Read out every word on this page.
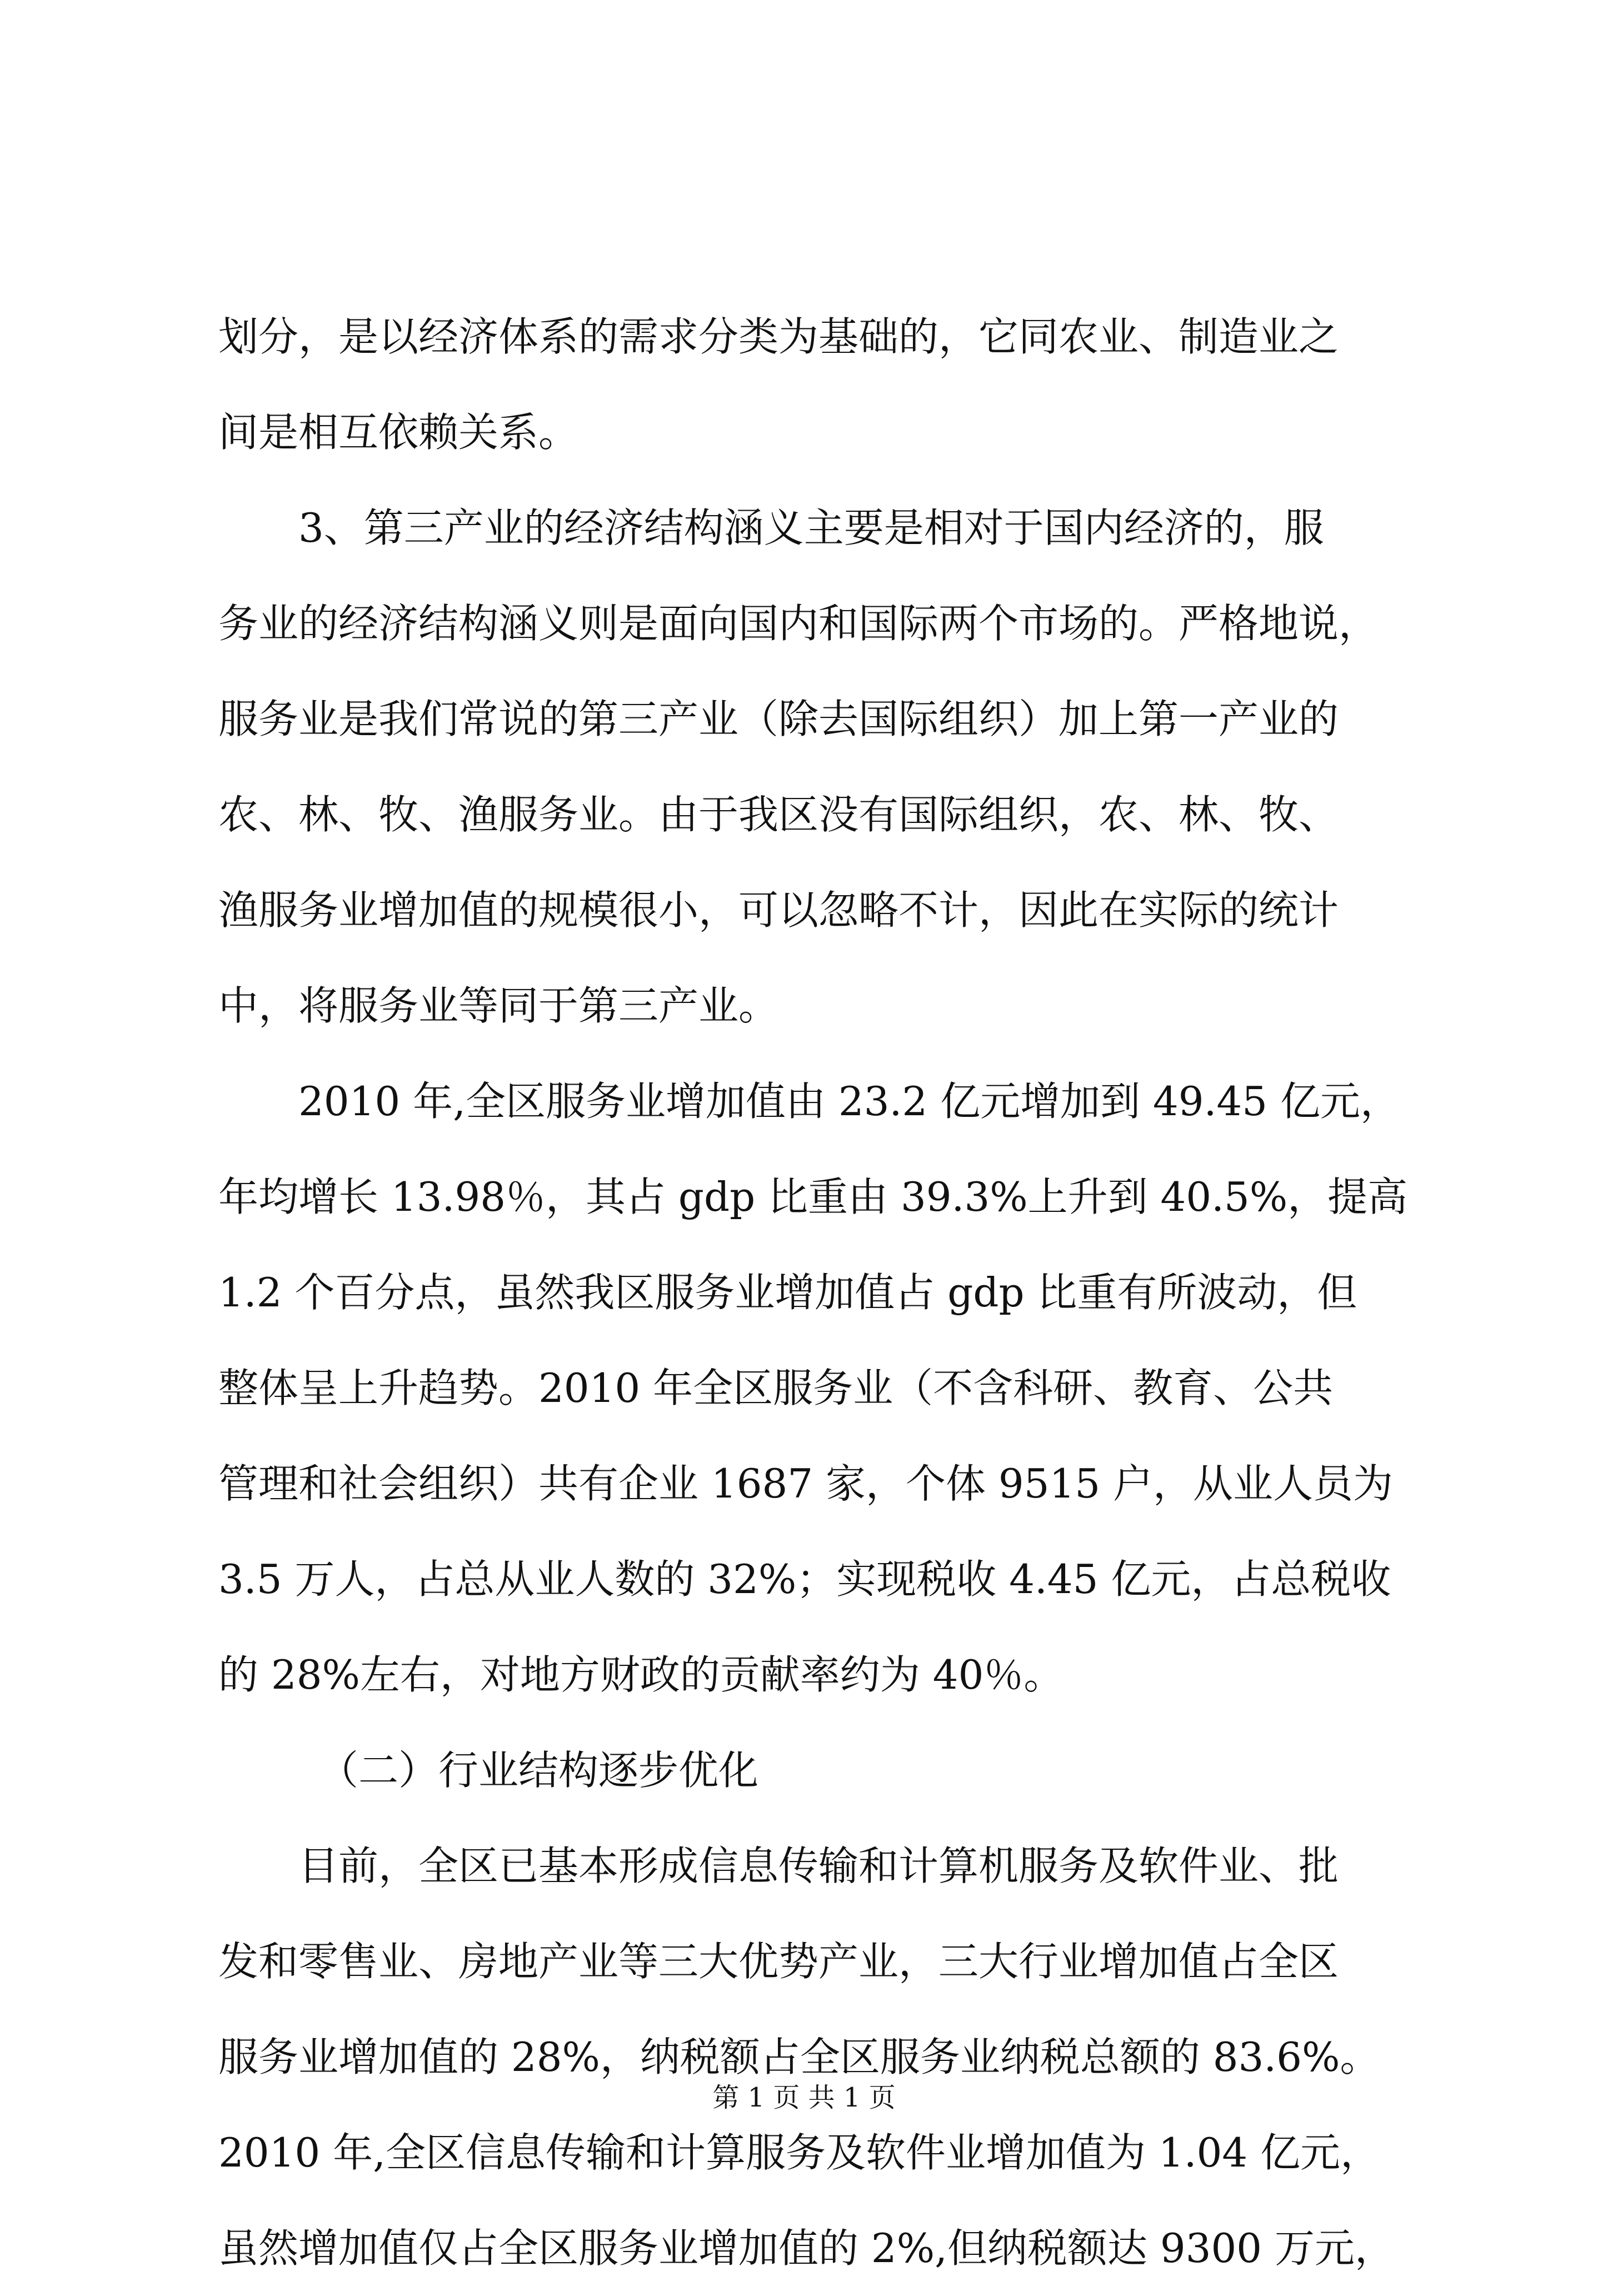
划分，是以经济体系的需求分类为基础的，它同农业、制造业之
间是相互依赖关系。
3、第三产业的经济结构涵义主要是相对于国内经济的，服
务业的经济结构涵义则是面向国内和国际两个市场的。严格地说，
服务业是我们常说的第三产业（除去国际组织）加上第一产业的
农、林、牧、渔服务业。由于我区没有国际组织，农、林、牧、
渔服务业增加值的规模很小，可以忽略不计，因此在实际的统计
中，将服务业等同于第三产业。
2010 年,全区服务业增加值由 23.2 亿元增加到 49.45 亿元，
年均增长 13.98％，其占 gdp 比重由 39.3%上升到 40.5%，提高
1.2 个百分点，虽然我区服务业增加值占 gdp 比重有所波动，但
整体呈上升趋势。2010 年全区服务业（不含科研、教育、公共
管理和社会组织）共有企业 1687 家，个体 9515 户，从业人员为
3.5 万人，占总从业人数的 32%；实现税收 4.45 亿元，占总税收
的 28%左右，对地方财政的贡献率约为 40％。
（二）行业结构逐步优化
目前，全区已基本形成信息传输和计算机服务及软件业、批
发和零售业、房地产业等三大优势产业，三大行业增加值占全区
服务业增加值的 28%，纳税额占全区服务业纳税总额的 83.6%。
2010 年,全区信息传输和计算服务及软件业增加值为 1.04 亿元，
虽然增加值仅占全区服务业增加值的 2%,但纳税额达 9300 万元，
第 1 页 共 1 页
